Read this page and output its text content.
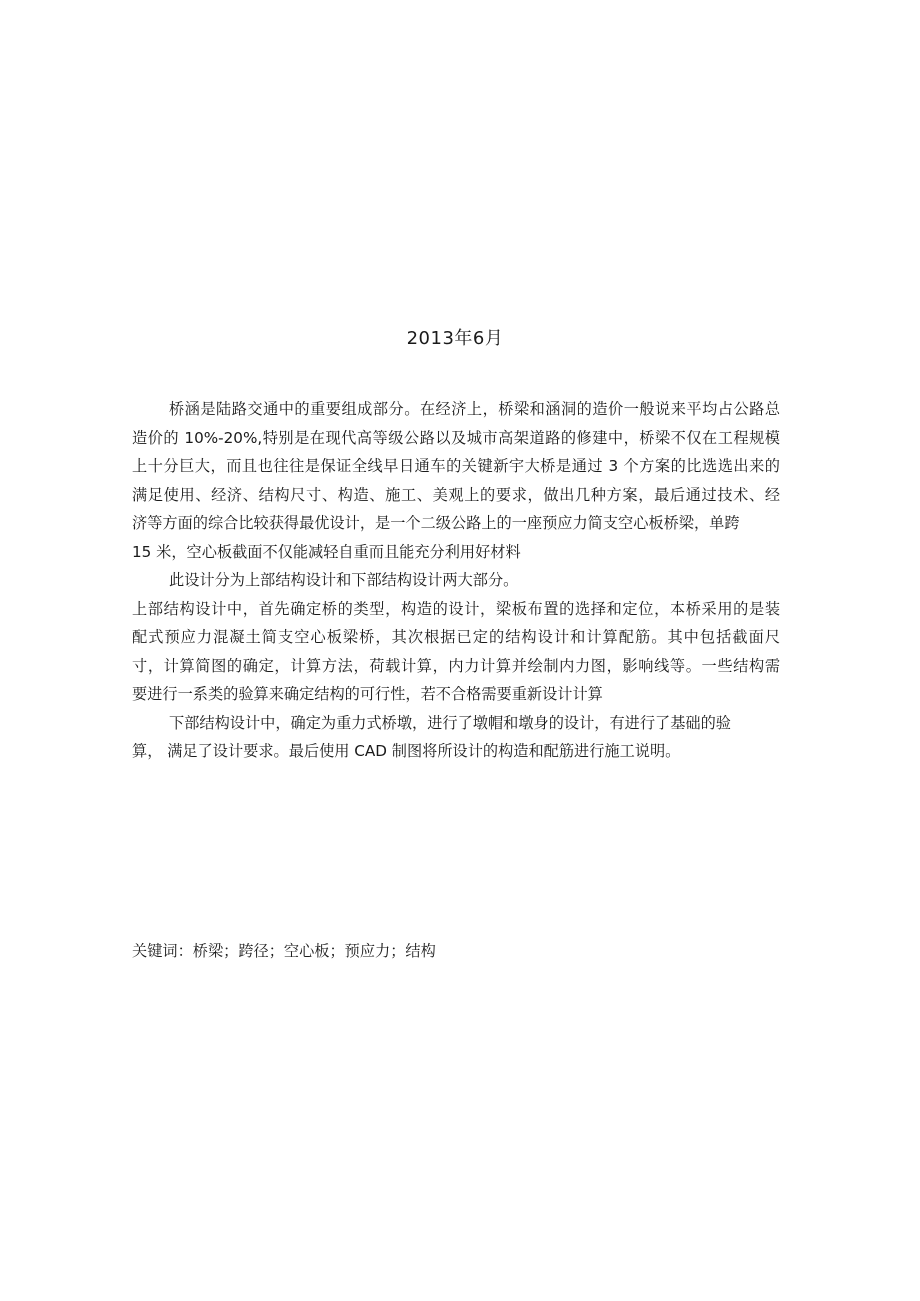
2013年6月
桥涵是陆路交通中的重要组成部分。在经济上，桥梁和涵洞的造价一般说来平均占公路总
造价的 10%-20%,特别是在现代高等级公路以及城市高架道路的修建中，桥梁不仅在工程规模
上十分巨大，而且也往往是保证全线早日通车的关键新宇大桥是通过 3 个方案的比选选出来的
满足使用、经济、结构尺寸、构造、施工、美观上的要求，做出几种方案，最后通过技术、经
济等方面的综合比较获得最优设计，是一个二级公路上的一座预应力简支空心板桥梁，单跨
15 米，空心板截面不仅能减轻自重而且能充分利用好材料
此设计分为上部结构设计和下部结构设计两大部分。
上部结构设计中，首先确定桥的类型，构造的设计，梁板布置的选择和定位，本桥采用的是装
配式预应力混凝土简支空心板梁桥，其次根据已定的结构设计和计算配筋。其中包括截面尺
寸，计算简图的确定，计算方法，荷载计算，内力计算并绘制内力图，影响线等。一些结构需
要进行一系类的验算来确定结构的可行性，若不合格需要重新设计计算
下部结构设计中，确定为重力式桥墩，进行了墩帽和墩身的设计，有进行了基础的验
算， 满足了设计要求。最后使用 CAD 制图将所设计的构造和配筋进行施工说明。
关键词：桥梁；跨径；空心板；预应力；结构
